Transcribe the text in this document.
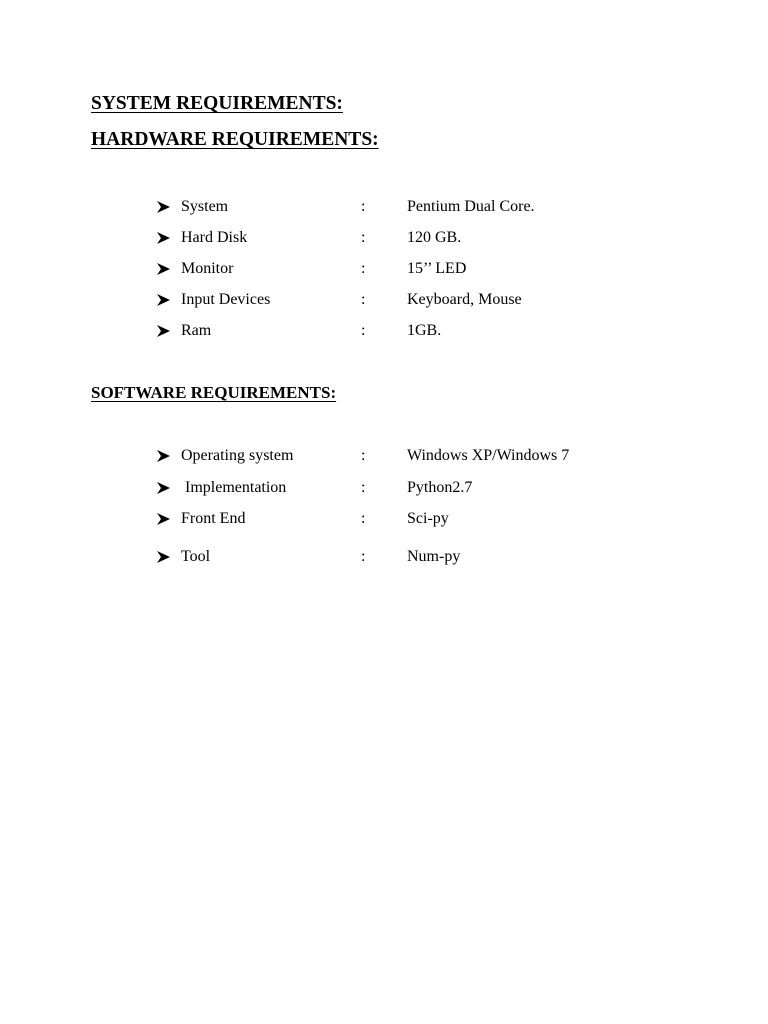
SYSTEM REQUIREMENTS:
HARDWARE REQUIREMENTS:
System	:	Pentium Dual Core.
Hard Disk	:	120 GB.
Monitor	:	15’’ LED
Input Devices	:	Keyboard, Mouse
Ram	:	1GB.
SOFTWARE REQUIREMENTS:
Operating system	:	Windows XP/Windows 7
Implementation	:	Python2.7
Front End	:	Sci-py
Tool	:	Num-py
